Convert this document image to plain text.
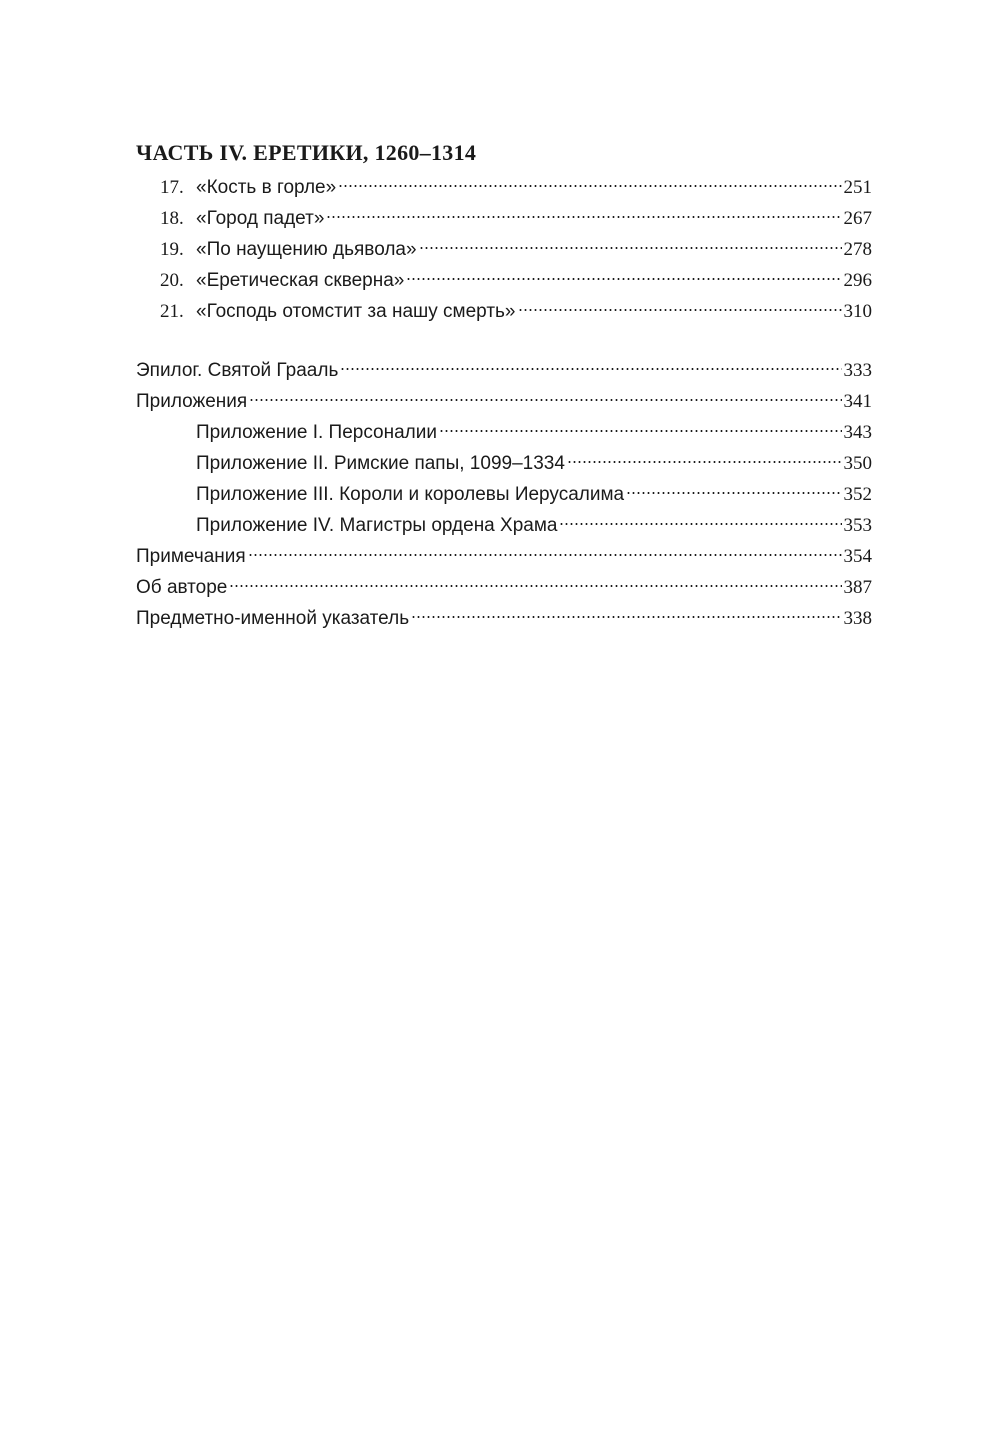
ЧАСТЬ IV. ЕРЕТИКИ, 1260–1314
17. «Кость в горле»	251
18. «Город падет»	267
19. «По наущению дьявола»	278
20. «Еретическая скверна»	296
21. «Господь отомстит за нашу смерть»	310
Эпилог. Святой Грааль	333
Приложения	341
Приложение I. Персоналии	343
Приложение II. Римские папы, 1099–1334	350
Приложение III. Короли и королевы Иерусалима	352
Приложение IV. Магистры ордена Храма	353
Примечания	354
Об авторе	387
Предметно-именной указатель	338
